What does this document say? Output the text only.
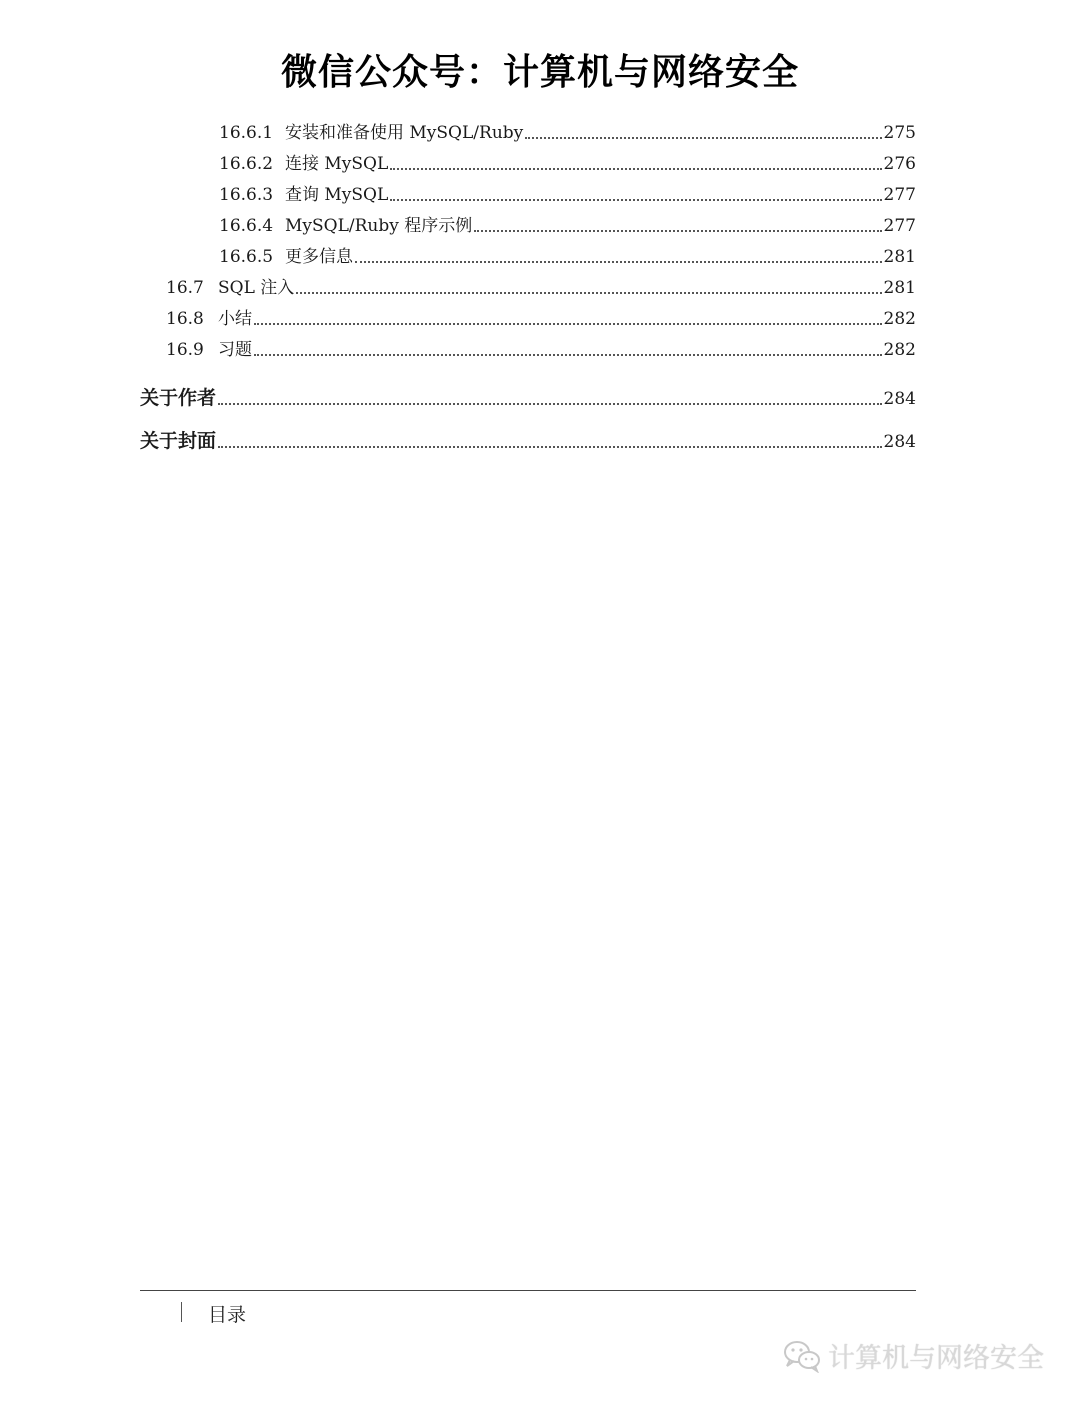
微信公众号：计算机与网络安全
16.6.1 安装和准备使用 MySQL/Ruby	275
16.6.2 连接 MySQL	276
16.6.3 查询 MySQL	277
16.6.4 MySQL/Ruby 程序示例	277
16.6.5 更多信息	281
16.7 SQL 注入	281
16.8 小结	282
16.9 习题	282
关于作者	284
关于封面	284
目录
计算机与网络安全
